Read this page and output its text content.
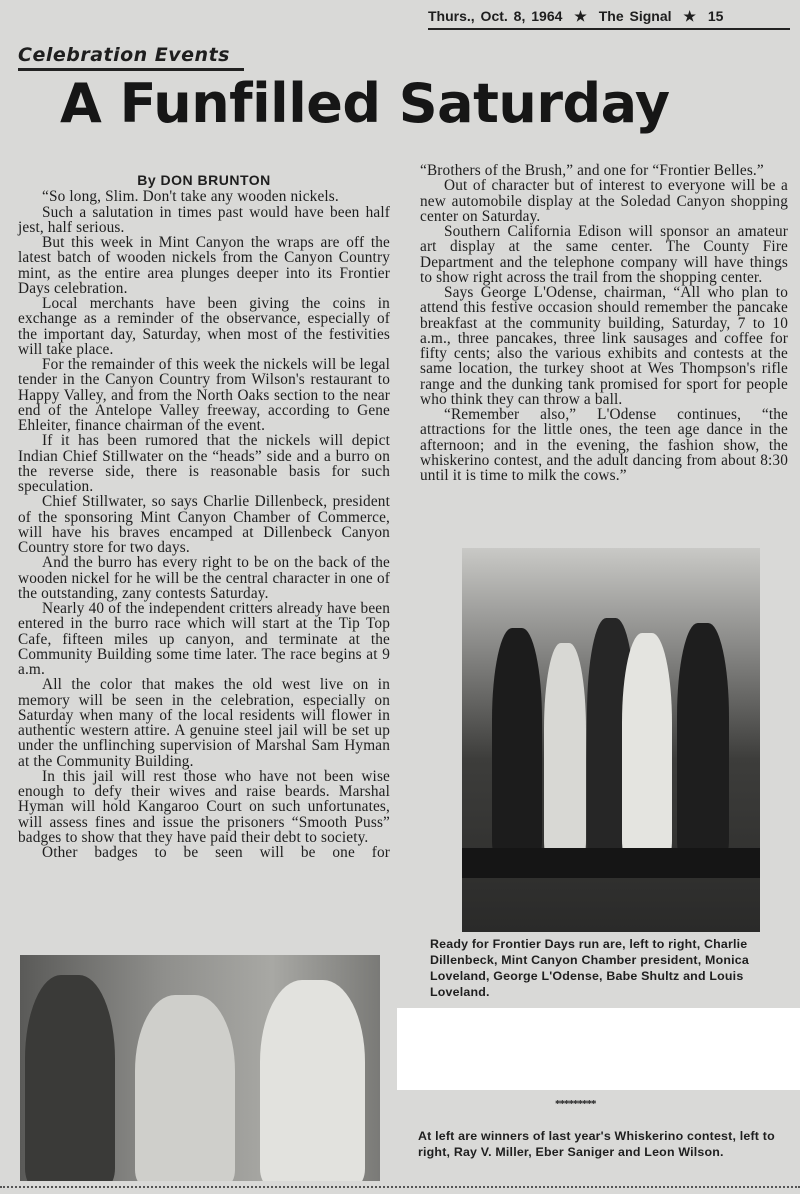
Thurs., Oct. 8, 1964 ★ The Signal ★ 15
Celebration Events
A Funfilled Saturday
By DON BRUNTON

“So long, Slim. Don't take any wooden nickels.

Such a salutation in times past would have been half jest, half serious.

But this week in Mint Canyon the wraps are off the latest batch of wooden nickels from the Canyon Country mint, as the entire area plunges deeper into its Frontier Days celebration.

Local merchants have been giving the coins in exchange as a reminder of the observance, especially of the important day, Saturday, when most of the festivities will take place.

For the remainder of this week the nickels will be legal tender in the Canyon Country from Wilson's restaurant to Happy Valley, and from the North Oaks section to the near end of the Antelope Valley freeway, according to Gene Ehleiter, finance chairman of the event.

If it has been rumored that the nickels will depict Indian Chief Stillwater on the “heads” side and a burro on the reverse side, there is reasonable basis for such speculation.

Chief Stillwater, so says Charlie Dillenbeck, president of the sponsoring Mint Canyon Chamber of Commerce, will have his braves encamped at Dillenbeck Canyon Country store for two days.

And the burro has every right to be on the back of the wooden nickel for he will be the central character in one of the outstanding, zany contests Saturday.

Nearly 40 of the independent critters already have been entered in the burro race which will start at the Tip Top Cafe, fifteen miles up canyon, and terminate at the Community Building some time later. The race begins at 9 a.m.

All the color that makes the old west live on in memory will be seen in the celebration, especially on Saturday when many of the local residents will flower in authentic western attire. A genuine steel jail will be set up under the unflinching supervision of Marshal Sam Hyman at the Community Building.

In this jail will rest those who have not been wise enough to defy their wives and raise beards. Marshal Hyman will hold Kangaroo Court on such unfortunates, will assess fines and issue the prisoners “Smooth Puss” badges to show that they have paid their debt to society.

Other badges to be seen will be one for

“Brothers of the Brush,” and one for “Frontier Belles.”

Out of character but of interest to everyone will be a new automobile display at the Soledad Canyon shopping center on Saturday.

Southern California Edison will sponsor an amateur art display at the same center. The County Fire Department and the telephone company will have things to show right across the trail from the shopping center.

Says George L'Odense, chairman, “All who plan to attend this festive occasion should remember the pancake breakfast at the community building, Saturday, 7 to 10 a.m., three pancakes, three link sausages and coffee for fifty cents; also the various exhibits and contests at the same location, the turkey shoot at Wes Thompson's rifle range and the dunking tank promised for sport for people who think they can throw a ball.

“Remember also,” L'Odense continues, “the attractions for the little ones, the teen age dance in the afternoon; and in the evening, the fashion show, the whiskerino contest, and the adult dancing from about 8:30 until it is time to milk the cows.”

Ready for Frontier Days run are, left to right, Charlie Dillenbeck, Mint Canyon Chamber president, Monica Loveland, George L'Odense, Babe Shultz and Louis Loveland.
*********
At left are winners of last year's Whiskerino contest, left to right, Ray V. Miller, Eber Saniger and Leon Wilson.
